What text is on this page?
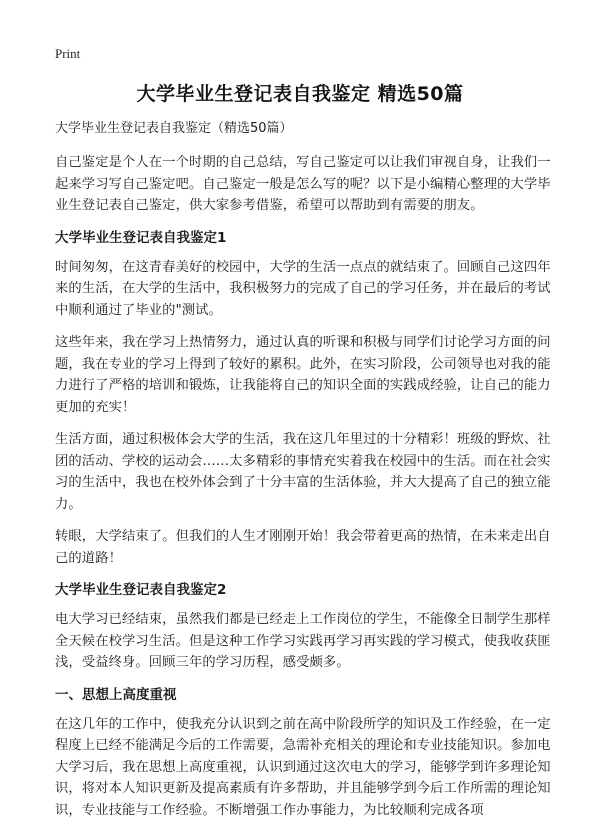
Print
大学毕业生登记表自我鉴定 精选50篇
大学毕业生登记表自我鉴定（精选50篇）

自己鉴定是个人在一个时期的自己总结，写自己鉴定可以让我们审视自身，让我们一起来学习写自己鉴定吧。自己鉴定一般是怎么写的呢？以下是小编精心整理的大学毕业生登记表自己鉴定，供大家参考借鉴，希望可以帮助到有需要的朋友。

大学毕业生登记表自我鉴定1

时间匆匆，在这青春美好的校园中，大学的生活一点点的就结束了。回顾自己这四年来的生活，在大学的生活中，我积极努力的完成了自己的学习任务，并在最后的考试中顺利通过了毕业的"测试。

这些年来，我在学习上热情努力，通过认真的听课和积极与同学们讨论学习方面的问题，我在专业的学习上得到了较好的累积。此外，在实习阶段，公司领导也对我的能力进行了严格的培训和锻炼，让我能将自己的知识全面的实践成经验，让自己的能力更加的充实！

生活方面，通过积极体会大学的生活，我在这几年里过的十分精彩！班级的野炊、社团的活动、学校的运动会……太多精彩的事情充实着我在校园中的生活。而在社会实习的生活中，我也在校外体会到了十分丰富的生活体验，并大大提高了自己的独立能力。

转眼，大学结束了。但我们的人生才刚刚开始！我会带着更高的热情，在未来走出自己的道路！

大学毕业生登记表自我鉴定2

电大学习已经结束，虽然我们都是已经走上工作岗位的学生，不能像全日制学生那样全天候在校学习生活。但是这种工作学习实践再学习再实践的学习模式，使我收获匪浅，受益终身。回顾三年的学习历程，感受颇多。

一、思想上高度重视

在这几年的工作中，使我充分认识到之前在高中阶段所学的知识及工作经验，在一定程度上已经不能满足今后的工作需要，急需补充相关的理论和专业技能知识。参加电大学习后，我在思想上高度重视，认识到通过这次电大的学习，能够学到许多理论知识，将对本人知识更新及提高素质有许多帮助，并且能够学到今后工作所需的理论知识，专业技能与工作经验。不断增强工作办事能力，为比较顺利完成各项
